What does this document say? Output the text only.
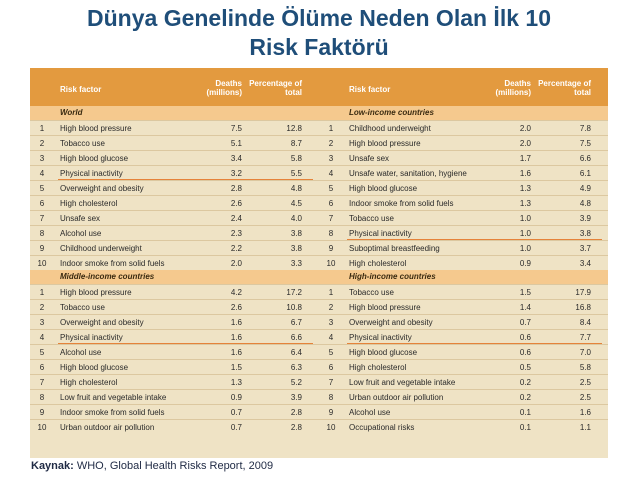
Dünya Genelinde Ölüme Neden Olan İlk 10
Risk Faktörü
Risk factor
Deaths (millions)
Percentage of total
World
1	High blood pressure	7.5	12.8
2	Tobacco use	5.1	8.7
3	High blood glucose	3.4	5.8
4	Physical inactivity	3.2	5.5
5	Overweight and obesity	2.8	4.8
6	High cholesterol	2.6	4.5
7	Unsafe sex	2.4	4.0
8	Alcohol use	2.3	3.8
9	Childhood underweight	2.2	3.8
10 Indoor smoke from solid fuels	2.0	3.3
Middle-income countries
1	High blood pressure	4.2	17.2
2	Tobacco use	2.6	10.8
3	Overweight and obesity	1.6	6.7
4	Physical inactivity	1.6	6.6
5	Alcohol use	1.6	6.4
6	High blood glucose	1.5	6.3
7	High cholesterol	1.3	5.2
8	Low fruit and vegetable intake	0.9	3.9
9	Indoor smoke from solid fuels	0.7	2.8
10 Urban outdoor air pollution	0.7	2.8
Risk factor
Deaths (millions)
Percentage of total
Low-income countries
1	Childhood underweight	2.0	7.8
2	High blood pressure	2.0	7.5
3	Unsafe sex	1.7	6.6
4	Unsafe water, sanitation, hygiene	1.6	6.1
5	High blood glucose	1.3	4.9
6	Indoor smoke from solid fuels	1.3	4.8
7	Tobacco use	1.0	3.9
8	Physical inactivity	1.0	3.8
9	Suboptimal breastfeeding	1.0	3.7
10 High cholesterol	0.9	3.4
High-income countries
1	Tobacco use	1.5	17.9
2	High blood pressure	1.4	16.8
3	Overweight and obesity	0.7	8.4
4	Physical inactivity	0.6	7.7
5	High blood glucose	0.6	7.0
6	High cholesterol	0.5	5.8
7	Low fruit and vegetable intake	0.2	2.5
8	Urban outdoor air pollution	0.2	2.5
9	Alcohol use	0.1	1.6
10 Occupational risks	0.1	1.1
Kaynak: WHO, Global Health Risks Report, 2009
